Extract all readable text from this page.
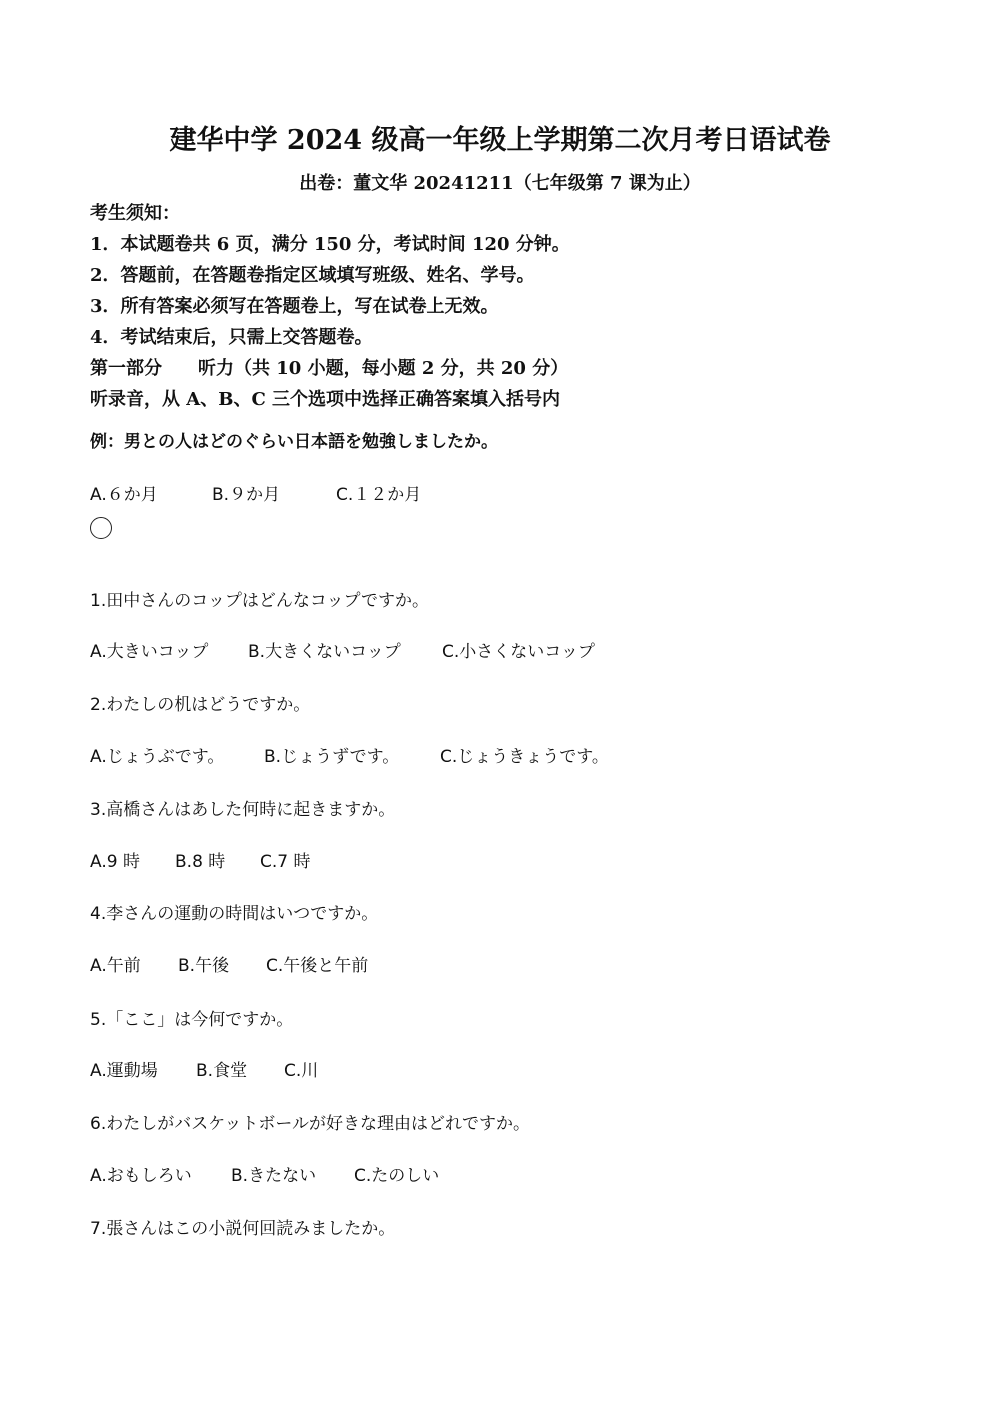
建华中学 2024 级高一年级上学期第二次月考日语试卷
出卷：董文华 20241211（七年级第 7 课为止）
考生须知：
1．本试题卷共 6 页，满分 150 分，考试时间 120 分钟。
2．答题前，在答题卷指定区域填写班级、姓名、学号。
3．所有答案必须写在答题卷上，写在试卷上无效。
4．考试结束后，只需上交答题卷。
第一部分　　听力（共 10 小题，每小题 2 分，共 20 分）
听录音，从 A、B、C 三个选项中选择正确答案填入括号内
例：男との人はどのぐらい日本語を勉強しましたか。
A.６か月	B.９か月	C.１２か月
1.田中さんのコップはどんなコップですか。
A.大きいコップ B.大きくないコップ C.小さくないコップ
2.わたしの机はどうですか。
A.じょうぶです。 B.じょうずです。 C.じょうきょうです。
3.高橋さんはあした何時に起きますか。
A.9 時 B.8 時 C.7 時
4.李さんの運動の時間はいつですか。
A.午前 B.午後 C.午後と午前
5.「ここ」は今何ですか。
A.運動場 B.食堂 C.川
6.わたしがバスケットボールが好きな理由はどれですか。
A.おもしろい B.きたない C.たのしい
7.張さんはこの小説何回読みましたか。
